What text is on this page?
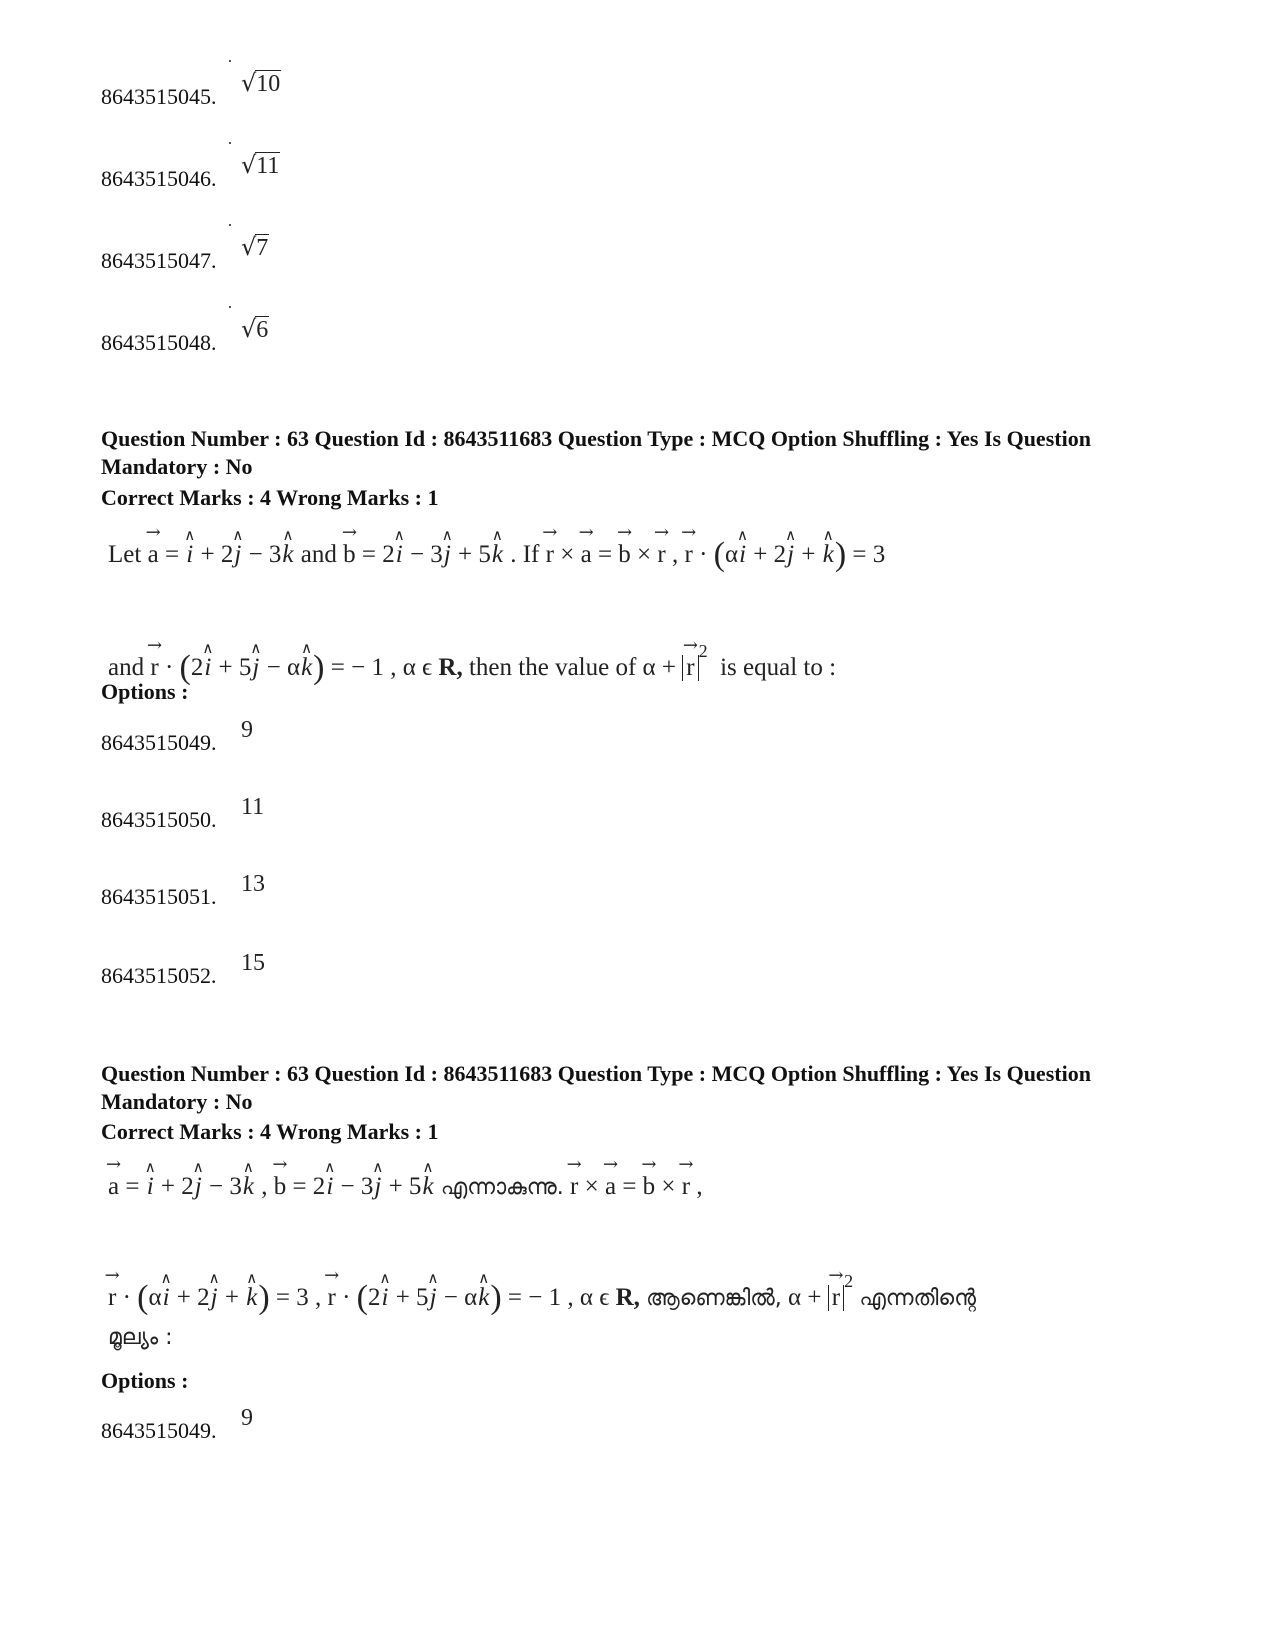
8643515045. √10
8643515046. √11
8643515047. √7
8643515048. √6
Question Number : 63 Question Id : 8643511683 Question Type : MCQ Option Shuffling : Yes Is Question Mandatory : No
Correct Marks : 4 Wrong Marks : 1
Let → a = ∧ i + 2∧ j − 3∧ k and → b = 2∧ i − 3∧ j + 5∧ k . If → r × → a = → b × → r , → r · (α∧ i + 2∧ j + ∧ k) = 3
and → r · (2∧ i + 5∧ j − α∧ k) = − 1 , α ϵ R, then the value of α + → $r^2$  is equal to :
Options :
8643515049. 9
8643515050. 11
8643515051. 13
8643515052. 15
Question Number : 63 Question Id : 8643511683 Question Type : MCQ Option Shuffling : Yes Is Question Mandatory : No
Correct Marks : 4 Wrong Marks : 1
→ a = ∧ i + 2∧ j − 3∧ k , → b = 2∧ i − 3∧ j + 5∧ k എന്നാകുന്നു. → r × → a = → b × → r ,
→ r · (α∧ i + 2∧ j + ∧ k) = 3 , → r · (2∧ i + 5∧ j − α∧ k) = − 1 , α ϵ R, ആണെങ്കിൽ, α + → $r^2$ എന്നതിന്റെ
മൂല്യം :
Options :
8643515049. 9
